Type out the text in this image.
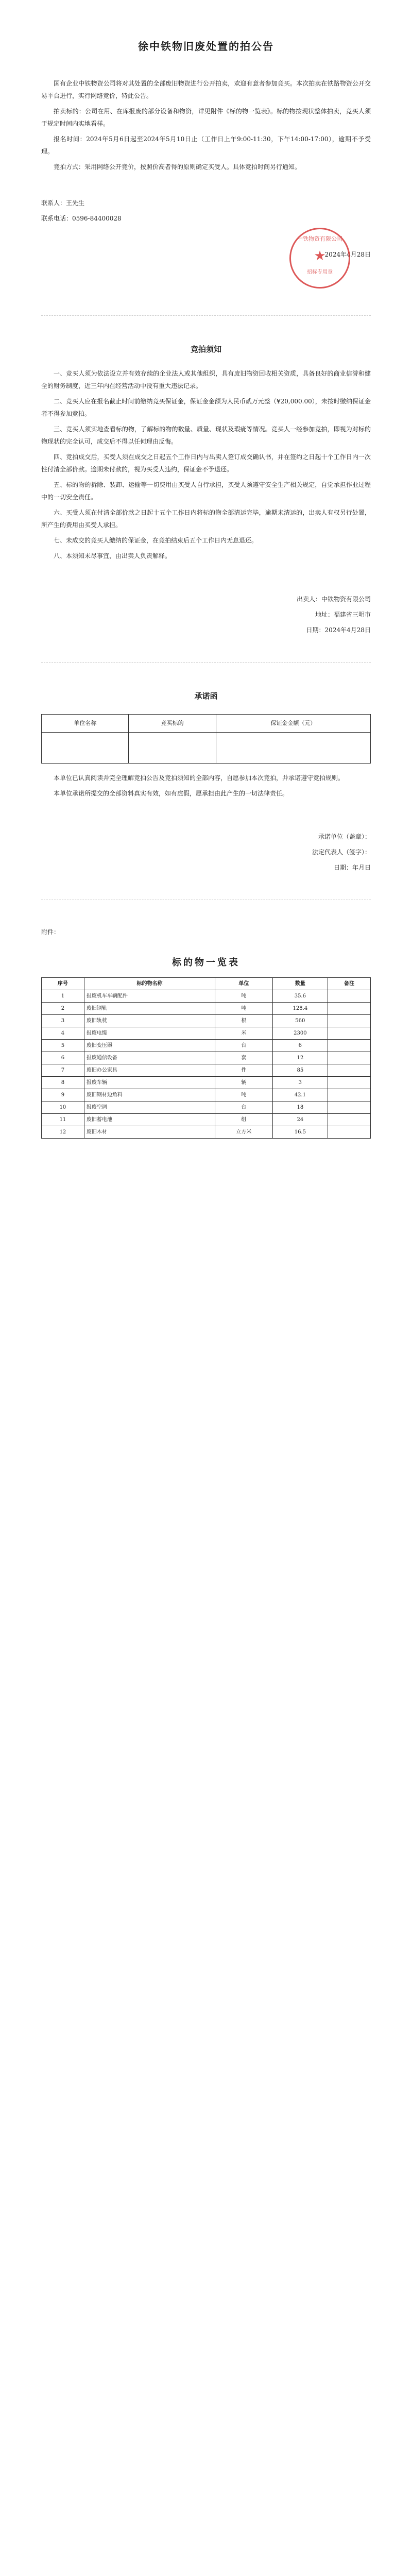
徐中铁物旧废处置的拍公告

国有企业中铁物资公司将对其处置的全部废旧物资进行公开拍卖，欢迎有意者参加竞买。本次拍卖在铁路物资公开交易平台进行，实行网络竞价，特此公告。

拍卖标的：公司在用、在库报废的部分设备和物资，详见附件《标的物一览表》。标的物按现状整体拍卖，竞买人须于规定时间内实地看样。

报名时间：2024年5月6日起至2024年5月10日止（工作日上午9:00-11:30，下午14:00-17:00），逾期不予受理。

竞拍方式：采用网络公开竞价，按照价高者得的原则确定买受人。具体竞拍时间另行通知。

联系人：王先生

联系电话：0596-84400028

2024年4月28日

中铁物资有限公司
★
招标专用章
竞拍须知

一、竞买人须为依法设立并有效存续的企业法人或其他组织，具有废旧物资回收相关资质，具备良好的商业信誉和健全的财务制度，近三年内在经营活动中没有重大违法记录。

二、竞买人应在报名截止时间前缴纳竞买保证金，保证金金额为人民币贰万元整（¥20,000.00），未按时缴纳保证金者不得参加竞拍。

三、竞买人须实地查看标的物，了解标的物的数量、质量、现状及瑕疵等情况。竞买人一经参加竞拍，即视为对标的物现状的完全认可，成交后不得以任何理由反悔。

四、竞拍成交后，买受人须在成交之日起五个工作日内与出卖人签订成交确认书，并在签约之日起十个工作日内一次性付清全部价款。逾期未付款的，视为买受人违约，保证金不予退还。

五、标的物的拆除、装卸、运输等一切费用由买受人自行承担，买受人须遵守安全生产相关规定，自觉承担作业过程中的一切安全责任。

六、买受人须在付清全部价款之日起十五个工作日内将标的物全部清运完毕，逾期未清运的，出卖人有权另行处置，所产生的费用由买受人承担。

七、未成交的竞买人缴纳的保证金，在竞拍结束后五个工作日内无息退还。

八、本须知未尽事宜，由出卖人负责解释。

出卖人：中铁物资有限公司

地址：福建省三明市

日期：2024年4月28日

承诺函
单位名称	竞买标的	保证金金额（元）

本单位已认真阅读并完全理解竞拍公告及竞拍须知的全部内容，自愿参加本次竞拍，并承诺遵守竞拍规则。

本单位承诺所提交的全部资料真实有效，如有虚假，愿承担由此产生的一切法律责任。

承诺单位（盖章）：

法定代表人（签字）：

日期：年月日

附件：

标的物一览表
序号	标的物名称	单位	数量	备注
1	报废机车车辆配件	吨	35.6	
2	废旧钢轨	吨	128.4	
3	废旧轨枕	根	560	
4	报废电缆	米	2300	
5	废旧变压器	台	6	
6	报废通信设备	套	12	
7	废旧办公家具	件	85	
8	报废车辆	辆	3	
9	废旧钢材边角料	吨	42.1	
10	报废空调	台	18	
11	废旧蓄电池	组	24	
12	废旧木材	立方米	16.5	
